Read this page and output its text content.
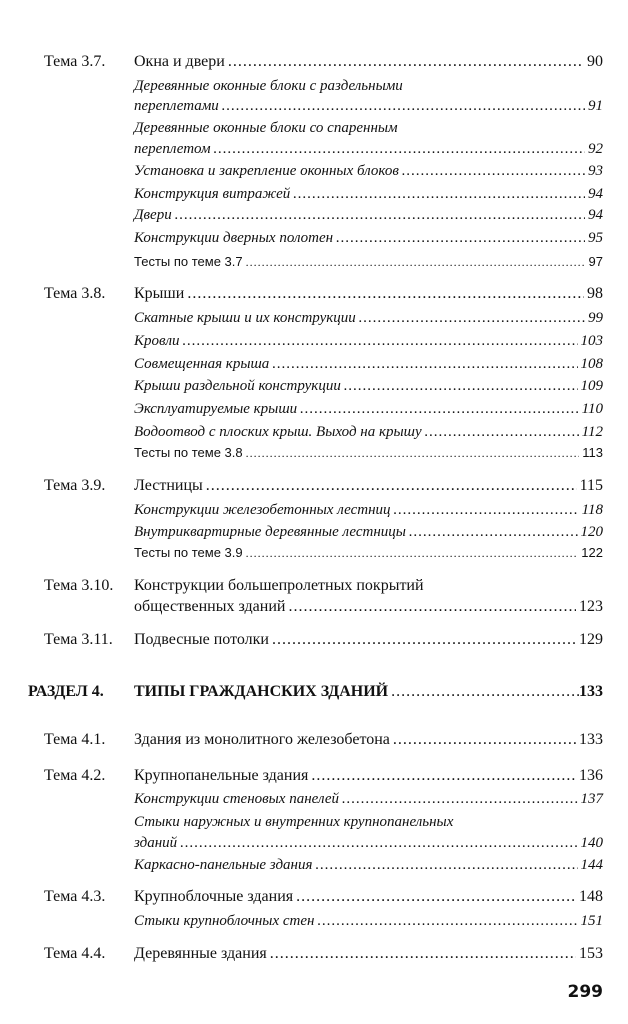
Тема 3.7. Окна и двери .....	90
Деревянные оконные блоки с раздельными
переплетами .....	91
Деревянные оконные блоки со спаренным
переплетом .....	92
Установка и закрепление оконных блоков .....	93
Конструкция витражей .....	94
Двери .....	94
Конструкции дверных полотен .....	95
Тесты по теме 3.7 .....	97
Тема 3.8. Крыши .....	98
Скатные крыши и их конструкции .....	99
Кровли .....	103
Совмещенная крыша .....	108
Крыши раздельной конструкции .....	109
Эксплуатируемые крыши .....	110
Водоотвод с плоских крыш. Выход на крышу .....	112
Тесты по теме 3.8 .....	113
Тема 3.9. Лестницы .....	115
Конструкции железобетонных лестниц .....	118
Внутриквартирные деревянные лестницы .....	120
Тесты по теме 3.9 .....	122
Тема 3.10. Конструкции большепролетных покрытий
общественных зданий .....	123
Тема 3.11. Подвесные потолки .....	129
РАЗДЕЛ 4. ТИПЫ ГРАЖДАНСКИХ ЗДАНИЙ .....	133
Тема 4.1. Здания из монолитного железобетона .....	133
Тема 4.2. Крупнопанельные здания .....	136
Конструкции стеновых панелей .....	137
Стыки наружных и внутренних крупнопанельных
зданий .....	140
Каркасно-панельные здания .....	144
Тема 4.3. Крупноблочные здания .....	148
Стыки крупноблочных стен .....	151
Тема 4.4. Деревянные здания .....	153
299
